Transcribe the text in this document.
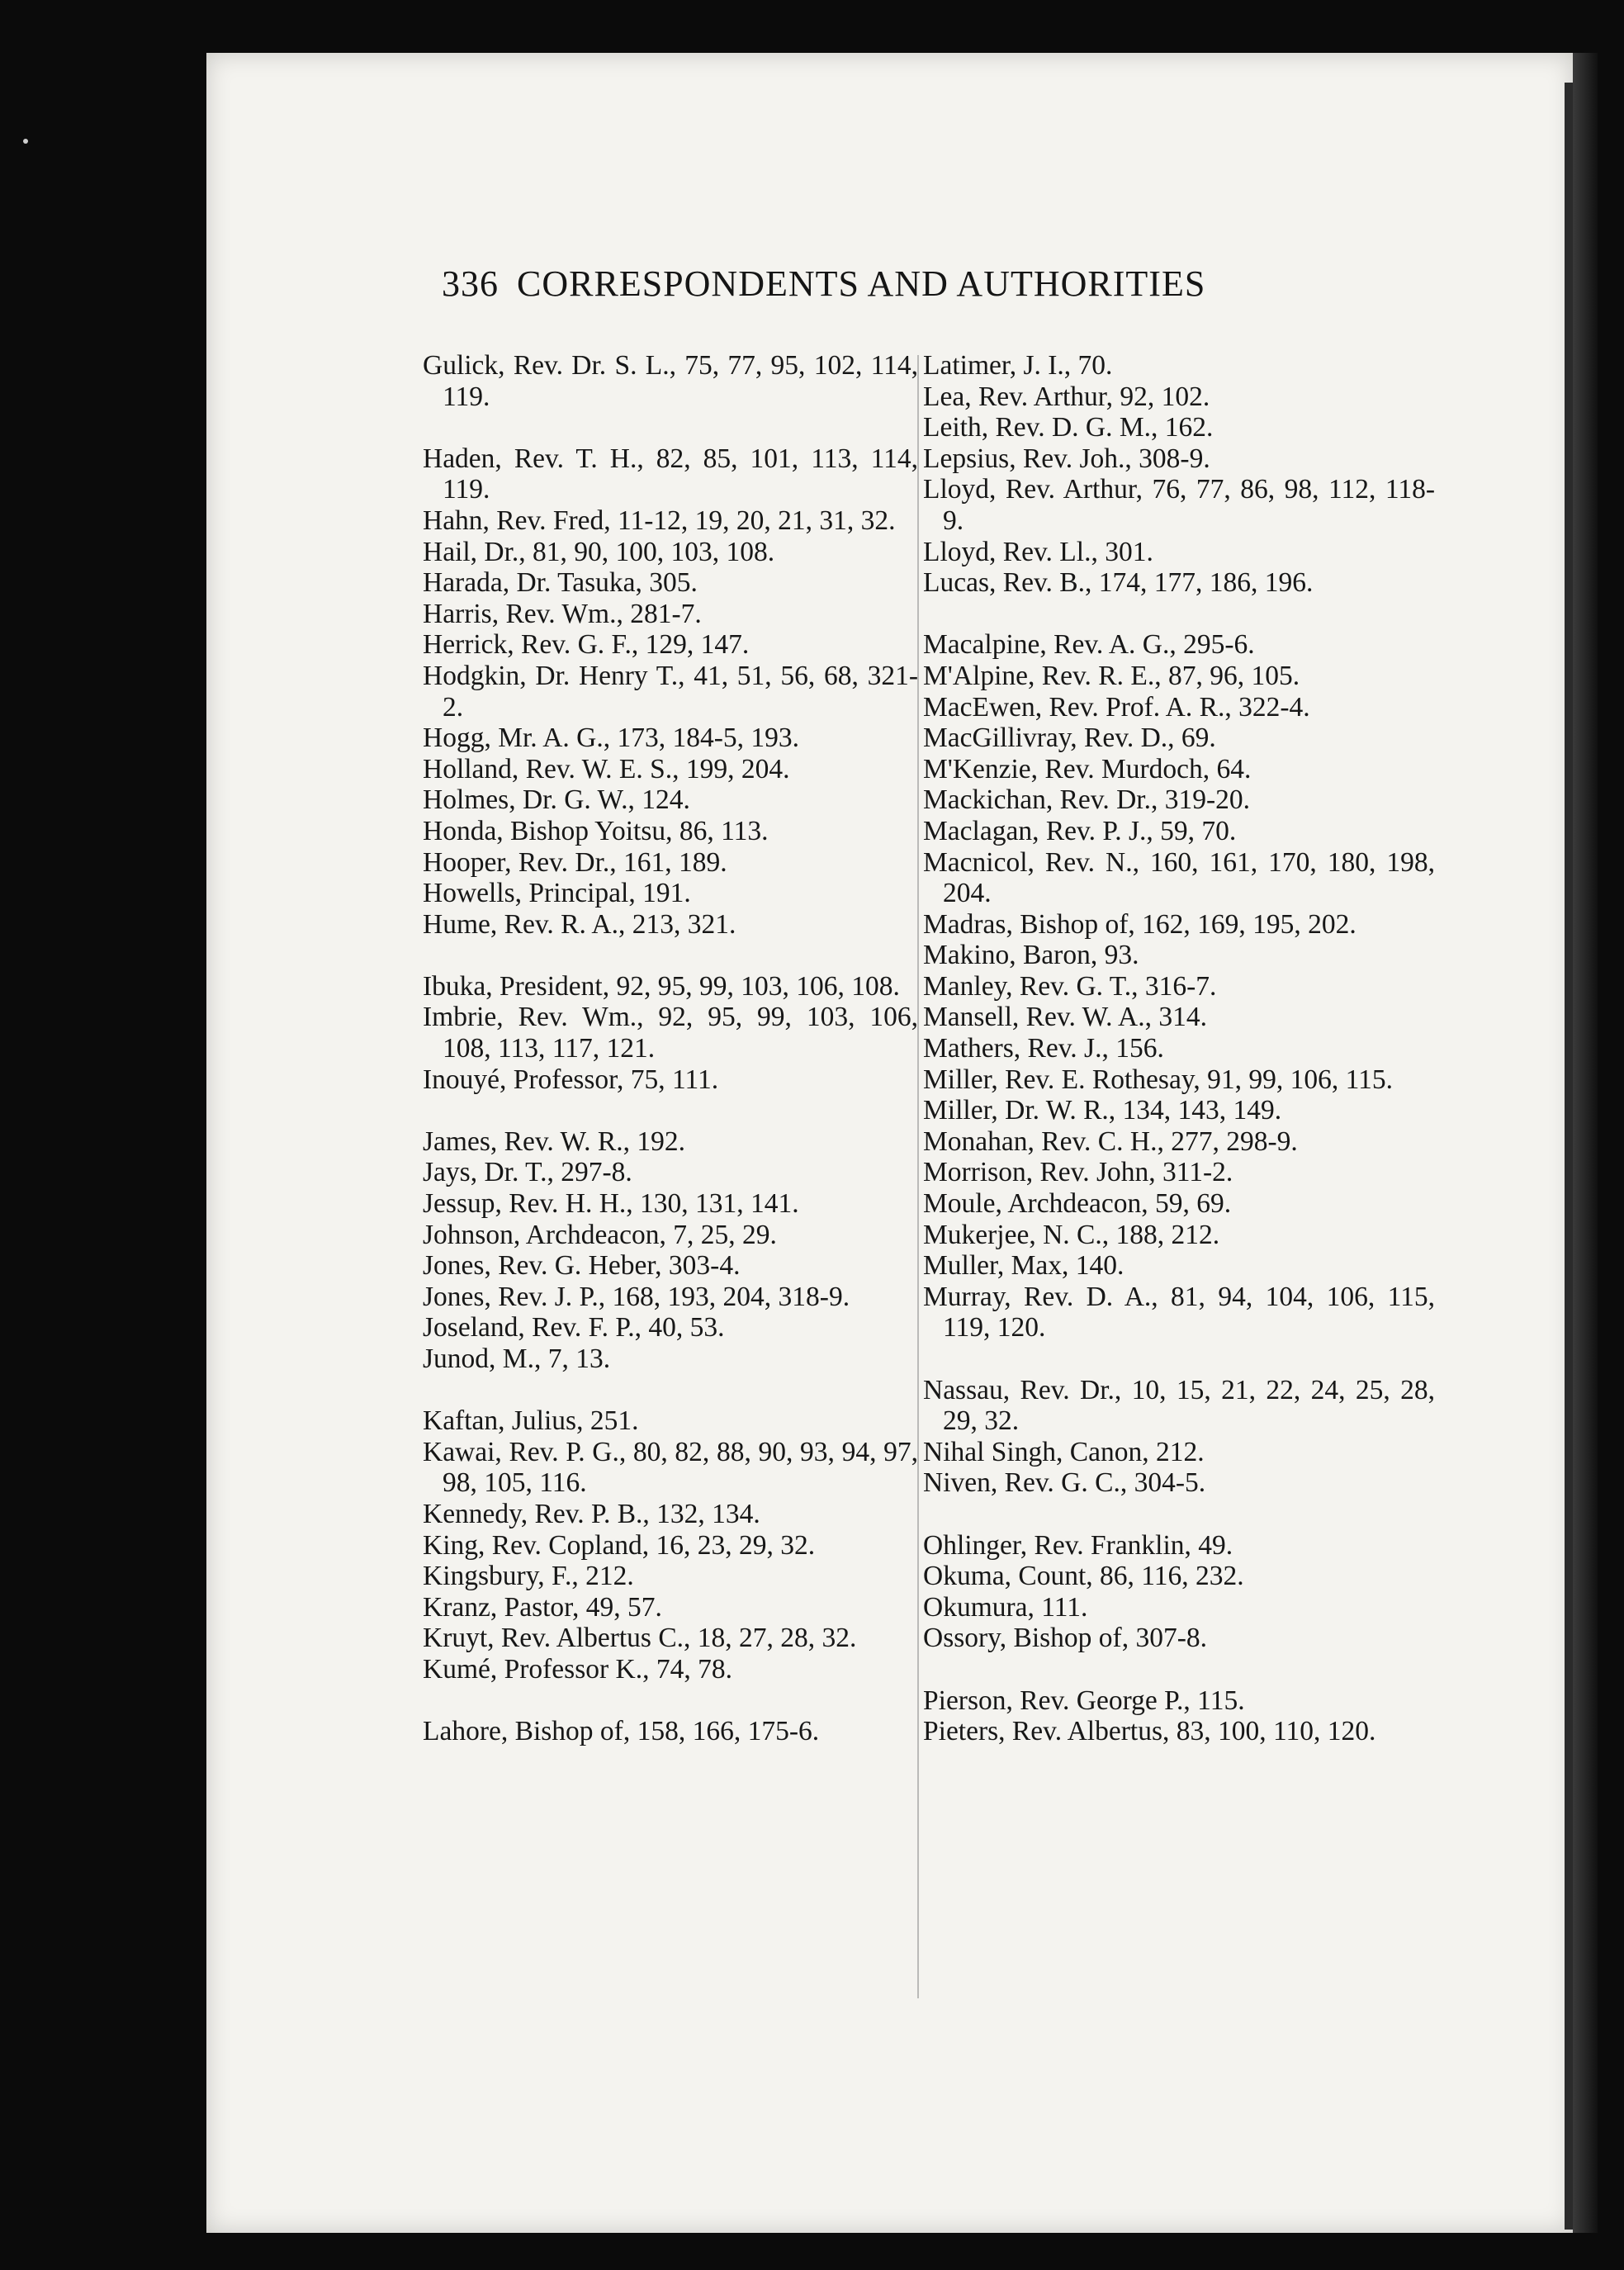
336 CORRESPONDENTS AND AUTHORITIES
Gulick, Rev. Dr. S. L., 75, 77, 95, 102, 114, 119.
Haden, Rev. T. H., 82, 85, 101, 113, 114, 119.
Hahn, Rev. Fred, 11-12, 19, 20, 21, 31, 32.
Hail, Dr., 81, 90, 100, 103, 108.
Harada, Dr. Tasuka, 305.
Harris, Rev. Wm., 281-7.
Herrick, Rev. G. F., 129, 147.
Hodgkin, Dr. Henry T., 41, 51, 56, 68, 321-2.
Hogg, Mr. A. G., 173, 184-5, 193.
Holland, Rev. W. E. S., 199, 204.
Holmes, Dr. G. W., 124.
Honda, Bishop Yoitsu, 86, 113.
Hooper, Rev. Dr., 161, 189.
Howells, Principal, 191.
Hume, Rev. R. A., 213, 321.
Ibuka, President, 92, 95, 99, 103, 106, 108.
Imbrie, Rev. Wm., 92, 95, 99, 103, 106, 108, 113, 117, 121.
Inouyé, Professor, 75, 111.
James, Rev. W. R., 192.
Jays, Dr. T., 297-8.
Jessup, Rev. H. H., 130, 131, 141.
Johnson, Archdeacon, 7, 25, 29.
Jones, Rev. G. Heber, 303-4.
Jones, Rev. J. P., 168, 193, 204, 318-9.
Joseland, Rev. F. P., 40, 53.
Junod, M., 7, 13.
Kaftan, Julius, 251.
Kawai, Rev. P. G., 80, 82, 88, 90, 93, 94, 97, 98, 105, 116.
Kennedy, Rev. P. B., 132, 134.
King, Rev. Copland, 16, 23, 29, 32.
Kingsbury, F., 212.
Kranz, Pastor, 49, 57.
Kruyt, Rev. Albertus C., 18, 27, 28, 32.
Kumé, Professor K., 74, 78.
Lahore, Bishop of, 158, 166, 175-6.
Latimer, J. I., 70.
Lea, Rev. Arthur, 92, 102.
Leith, Rev. D. G. M., 162.
Lepsius, Rev. Joh., 308-9.
Lloyd, Rev. Arthur, 76, 77, 86, 98, 112, 118-9.
Lloyd, Rev. Ll., 301.
Lucas, Rev. B., 174, 177, 186, 196.
Macalpine, Rev. A. G., 295-6.
M'Alpine, Rev. R. E., 87, 96, 105.
MacEwen, Rev. Prof. A. R., 322-4.
MacGillivray, Rev. D., 69.
M'Kenzie, Rev. Murdoch, 64.
Mackichan, Rev. Dr., 319-20.
Maclagan, Rev. P. J., 59, 70.
Macnicol, Rev. N., 160, 161, 170, 180, 198, 204.
Madras, Bishop of, 162, 169, 195, 202.
Makino, Baron, 93.
Manley, Rev. G. T., 316-7.
Mansell, Rev. W. A., 314.
Mathers, Rev. J., 156.
Miller, Rev. E. Rothesay, 91, 99, 106, 115.
Miller, Dr. W. R., 134, 143, 149.
Monahan, Rev. C. H., 277, 298-9.
Morrison, Rev. John, 311-2.
Moule, Archdeacon, 59, 69.
Mukerjee, N. C., 188, 212.
Muller, Max, 140.
Murray, Rev. D. A., 81, 94, 104, 106, 115, 119, 120.
Nassau, Rev. Dr., 10, 15, 21, 22, 24, 25, 28, 29, 32.
Nihal Singh, Canon, 212.
Niven, Rev. G. C., 304-5.
Ohlinger, Rev. Franklin, 49.
Okuma, Count, 86, 116, 232.
Okumura, 111.
Ossory, Bishop of, 307-8.
Pierson, Rev. George P., 115.
Pieters, Rev. Albertus, 83, 100, 110, 120.
